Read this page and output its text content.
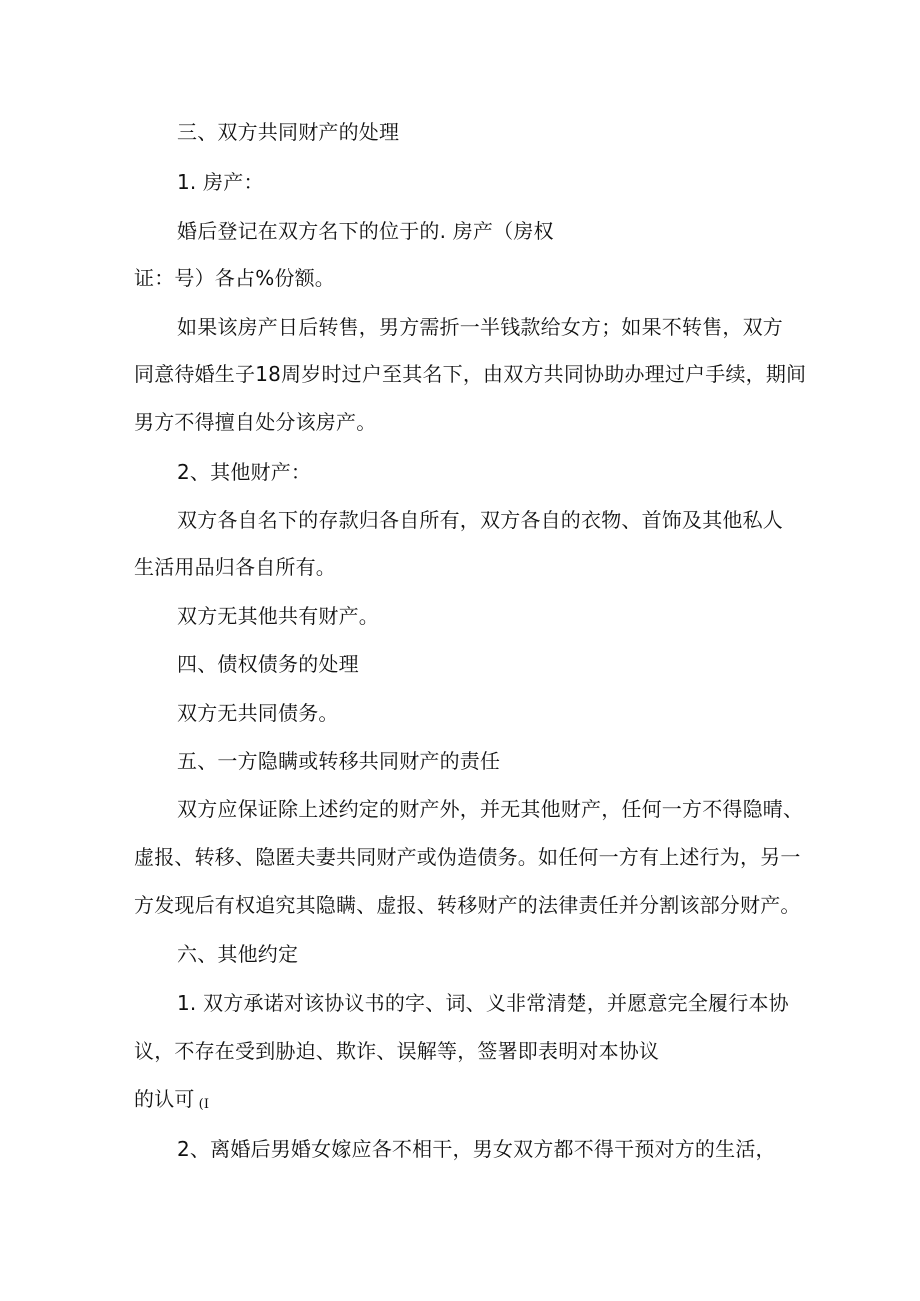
三、双方共同财产的处理
1. 房产：
婚后登记在双方名下的位于的. 房产（房权
证：号）各占%份额。
如果该房产日后转售，男方需折一半钱款给女方；如果不转售，双方
同意待婚生子18周岁时过户至其名下，由双方共同协助办理过户手续，期间
男方不得擅自处分该房产。
2、其他财产：
双方各自名下的存款归各自所有，双方各自的衣物、首饰及其他私人
生活用品归各自所有。
双方无其他共有财产。
四、债权债务的处理
双方无共同债务。
五、一方隐瞒或转移共同财产的责任
双方应保证除上述约定的财产外，并无其他财产，任何一方不得隐晴、
虚报、转移、隐匿夫妻共同财产或伪造债务。如任何一方有上述行为，另一
方发现后有权追究其隐瞒、虚报、转移财产的法律责任并分割该部分财产。
六、其他约定
1. 双方承诺对该协议书的字、词、义非常清楚，并愿意完全履行本协
议，不存在受到胁迫、欺诈、误解等，签署即表明对本协议
的认可 (I
2、离婚后男婚女嫁应各不相干，男女双方都不得干预对方的生活，
